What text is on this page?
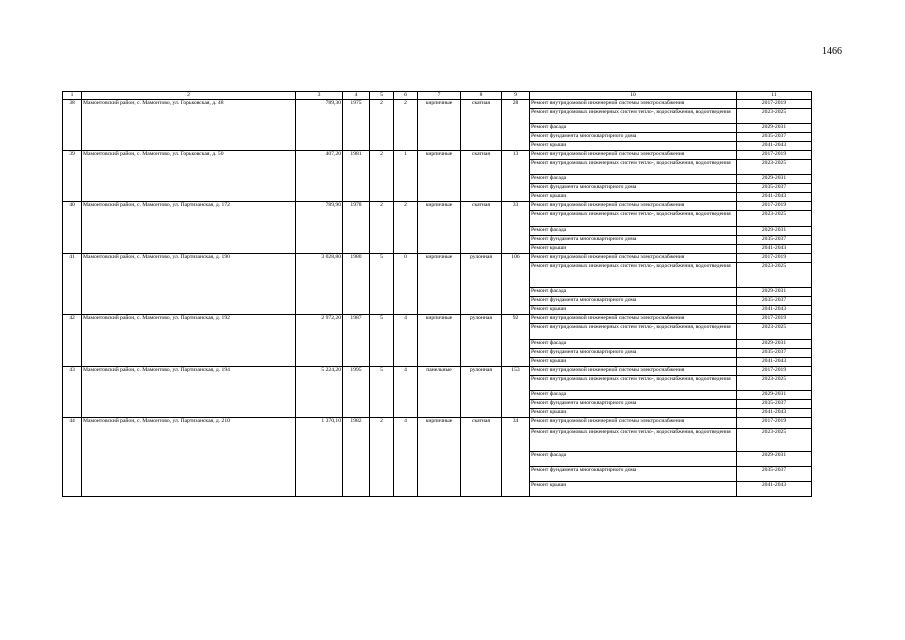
1466
1	2	3	4	5	6	7	8	9	10	11
38	Мамонтовский район, с. Мамонтово, ул. Горьковская, д. 48	789,30	1975	2	2	кирпичные	скатная	28	Ремонт внутридомовой инженерной системы электроснабжения	2017-2019
									Ремонт внутридомовых инженерных систем тепло-, водоснабжения, водоотведения	2023-2025
									Ремонт фасада	2029-2031
									Ремонт фундамента многоквартирного дома	2035-2037
									Ремонт крыши	2041-2043
39	Мамонтовский район, с. Мамонтово, ул. Горьковская, д. 50	407,20	1981	2	1	кирпичные	скатная	13	Ремонт внутридомовой инженерной системы электроснабжения	2017-2019
									Ремонт внутридомовых инженерных систем тепло-, водоснабжения, водоотведения	2023-2025
									Ремонт фасада	2029-2031
									Ремонт фундамента многоквартирного дома	2035-2037
									Ремонт крыши	2041-2043
40	Мамонтовский район, с. Мамонтово, ул. Партизанская, д. 172	789,90	1978	2	2	кирпичные	скатная	33	Ремонт внутридомовой инженерной системы электроснабжения	2017-2019
									Ремонт внутридомовых инженерных систем тепло-, водоснабжения, водоотведения	2023-2025
									Ремонт фасада	2029-2031
									Ремонт фундамента многоквартирного дома	2035-2037
									Ремонт крыши	2041-2043
41	Мамонтовский район, с. Мамонтово, ул. Партизанская, д. 190	3 028,80	1980	5	0	кирпичные	рулонная	106	Ремонт внутридомовой инженерной системы электроснабжения	2017-2019
									Ремонт внутридомовых инженерных систем тепло-, водоснабжения, водоотведения	2023-2025
									Ремонт фасада	2029-2031
									Ремонт фундамента многоквартирного дома	2035-2037
									Ремонт крыши	2041-2043
42	Мамонтовский район, с. Мамонтово, ул. Партизанская, д. 192	2 972,20	1987	5	4	кирпичные	рулонная	92	Ремонт внутридомовой инженерной системы электроснабжения	2017-2019
									Ремонт внутридомовых инженерных систем тепло-, водоснабжения, водоотведения	2023-2025
									Ремонт фасада	2029-2031
									Ремонт фундамента многоквартирного дома	2035-2037
									Ремонт крыши	2041-2043
43	Мамонтовский район, с. Мамонтово, ул. Партизанская, д. 194	5 224,20	1995	5	4	панельные	рулонная	153	Ремонт внутридомовой инженерной системы электроснабжения	2017-2019
									Ремонт внутридомовых инженерных систем тепло-, водоснабжения, водоотведения	2023-2025
									Ремонт фасада	2029-2031
									Ремонт фундамента многоквартирного дома	2035-2037
									Ремонт крыши	2041-2043
44	Мамонтовский район, с. Мамонтово, ул. Партизанская, д. 210	1 370,10	1982	2	4	кирпичные	скатная	34	Ремонт внутридомовой инженерной системы электроснабжения	2017-2019
									Ремонт внутридомовых инженерных систем тепло-, водоснабжения, водоотведения	2023-2025
									Ремонт фасада	2029-2031
									Ремонт фундамента многоквартирного дома	2035-2037
									Ремонт крыши	2041-2043
